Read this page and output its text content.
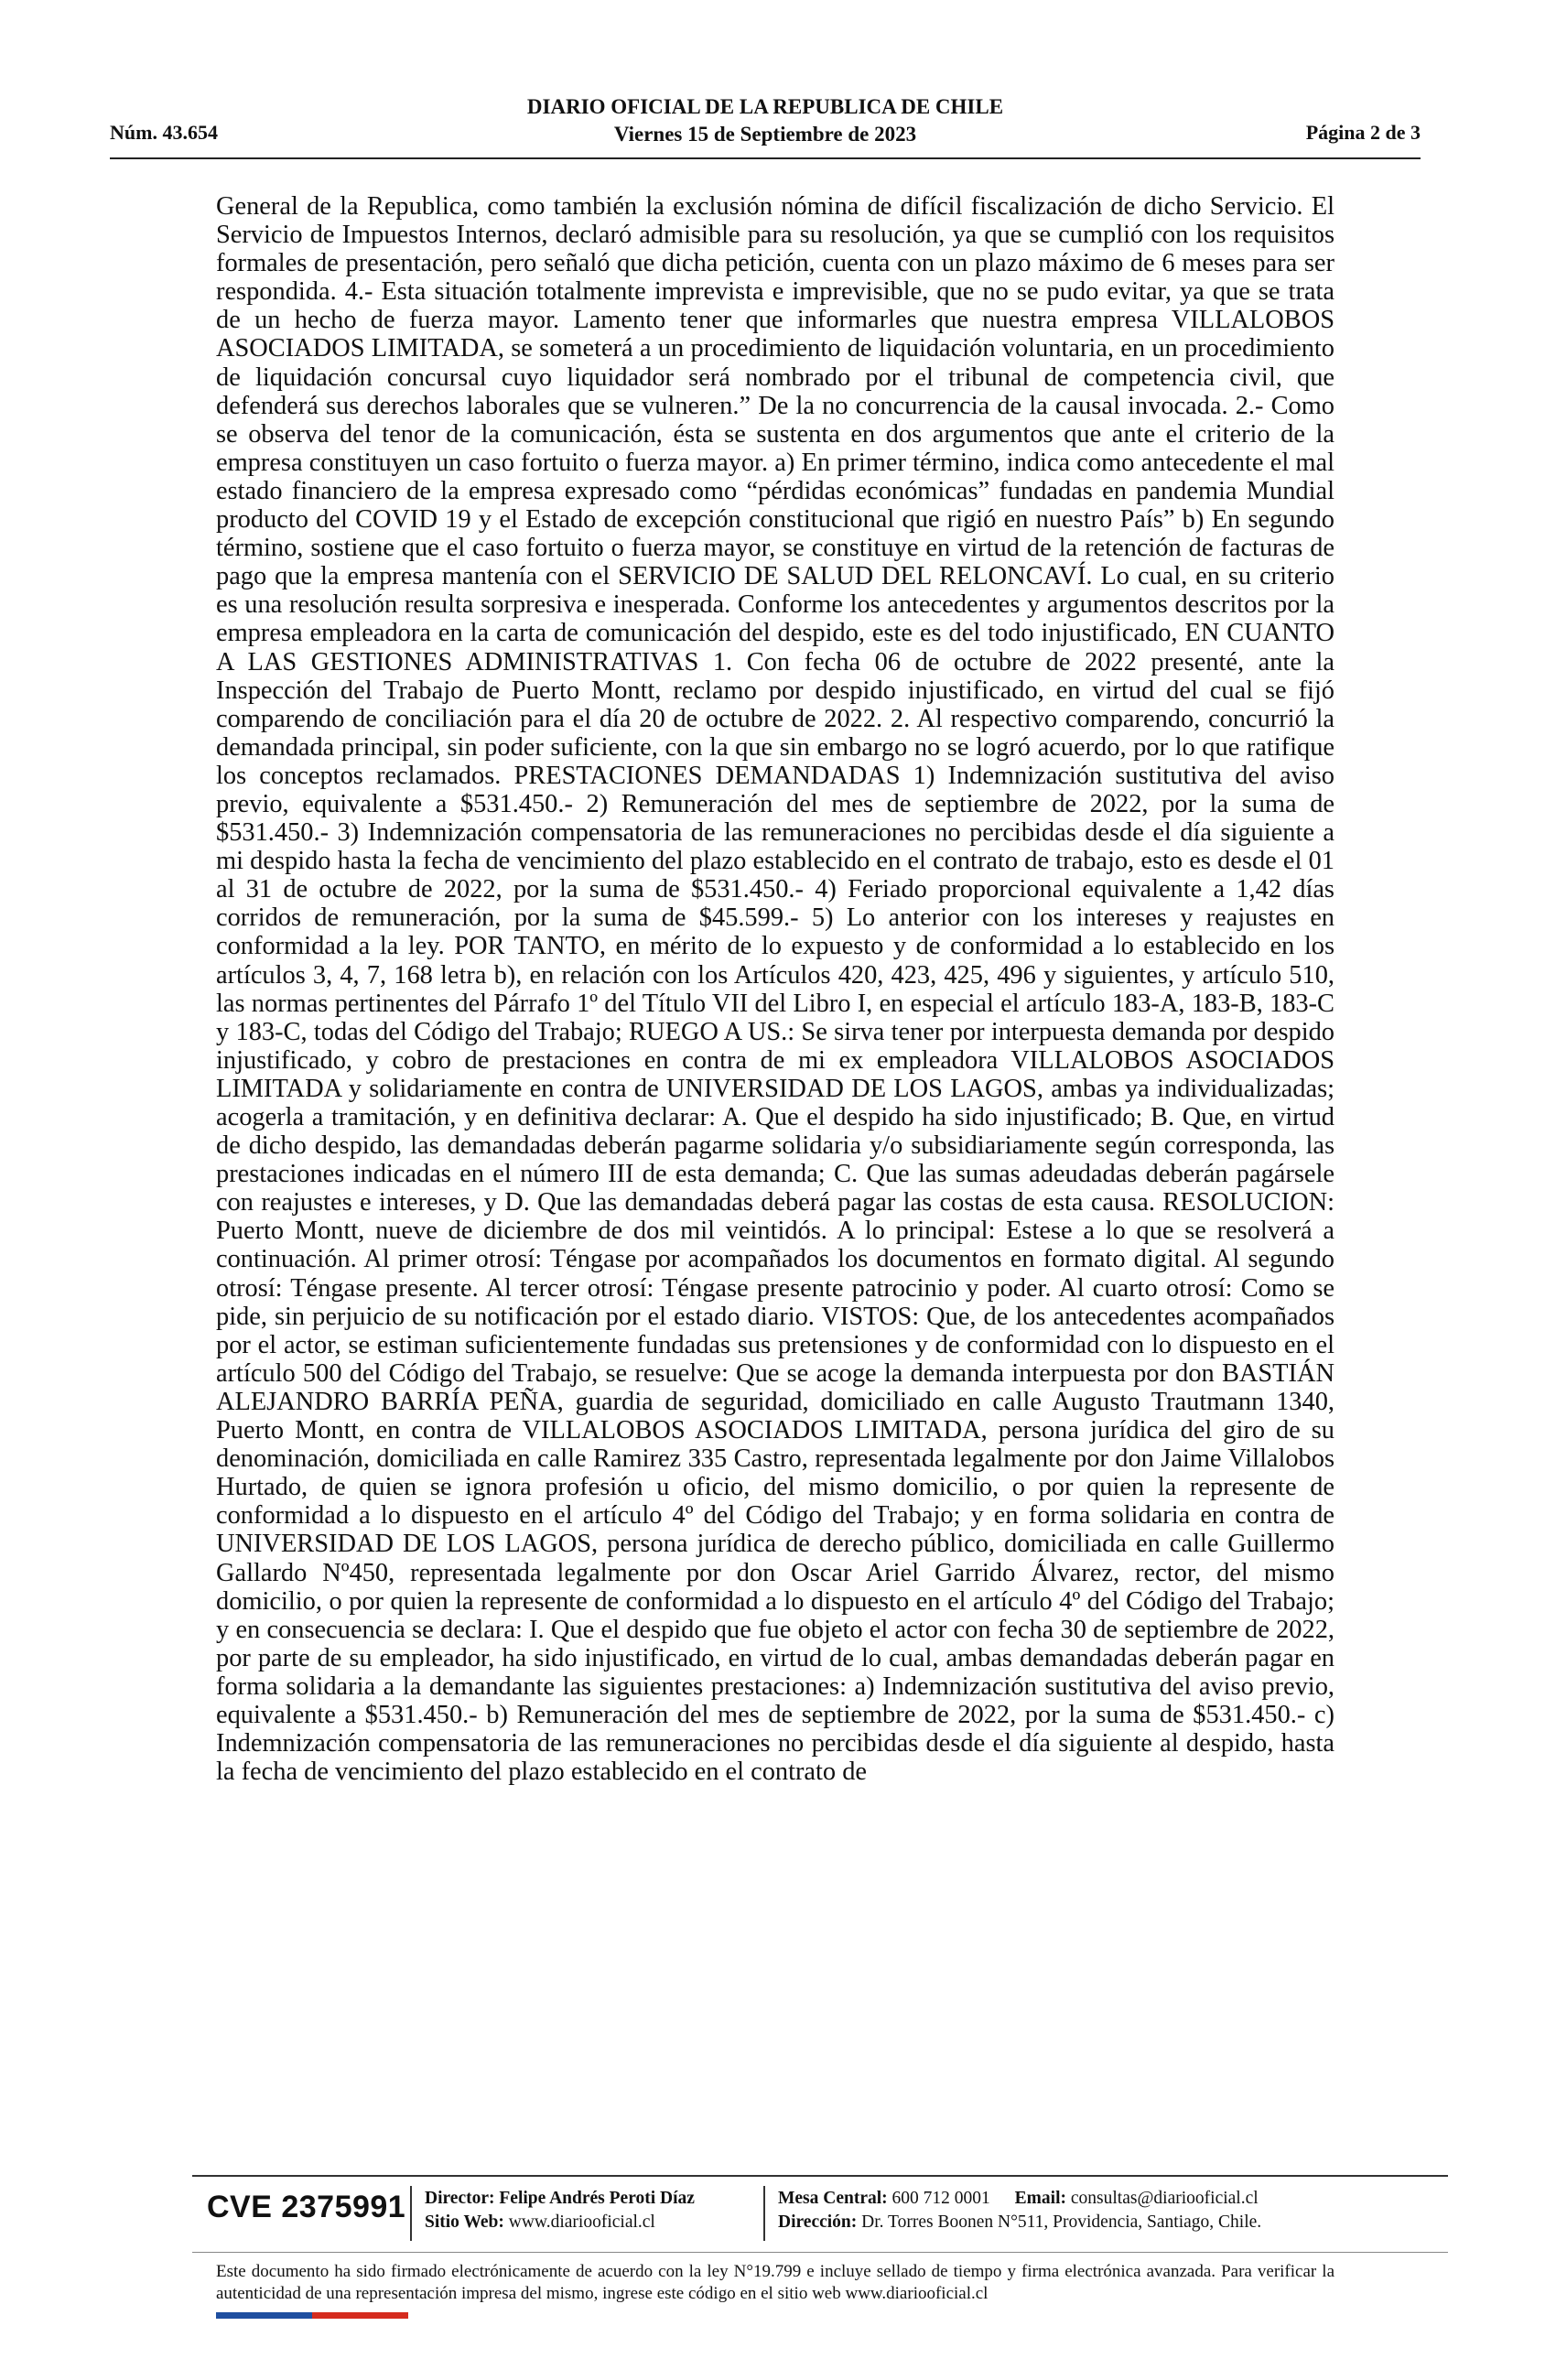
Núm. 43.654
DIARIO OFICIAL DE LA REPUBLICA DE CHILE
Viernes 15 de Septiembre de 2023	Página 2 de 3

General de la Republica, como también la exclusión nómina de difícil fiscalización de dicho Servicio. El Servicio de Impuestos Internos, declaró admisible para su resolución, ya que se cumplió con los requisitos formales de presentación, pero señaló que dicha petición, cuenta con un plazo máximo de 6 meses para ser respondida. 4.- Esta situación totalmente imprevista e imprevisible, que no se pudo evitar, ya que se trata de un hecho de fuerza mayor. Lamento tener que informarles que nuestra empresa VILLALOBOS ASOCIADOS LIMITADA, se someterá a un procedimiento de liquidación voluntaria, en un procedimiento de liquidación concursal cuyo liquidador será nombrado por el tribunal de competencia civil, que defenderá sus derechos laborales que se vulneren.” De la no concurrencia de la causal invocada. 2.- Como se observa del tenor de la comunicación, ésta se sustenta en dos argumentos que ante el criterio de la empresa constituyen un caso fortuito o fuerza mayor. a) En primer término, indica como antecedente el mal estado financiero de la empresa expresado como “pérdidas económicas” fundadas en pandemia Mundial producto del COVID 19 y el Estado de excepción constitucional que rigió en nuestro País” b) En segundo término, sostiene que el caso fortuito o fuerza mayor, se constituye en virtud de la retención de facturas de pago que la empresa mantenía con el SERVICIO DE SALUD DEL RELONCAVÍ. Lo cual, en su criterio es una resolución resulta sorpresiva e inesperada. Conforme los antecedentes y argumentos descritos por la empresa empleadora en la carta de comunicación del despido, este es del todo injustificado, EN CUANTO A LAS GESTIONES ADMINISTRATIVAS 1. Con fecha 06 de octubre de 2022 presenté, ante la Inspección del Trabajo de Puerto Montt, reclamo por despido injustificado, en virtud del cual se fijó comparendo de conciliación para el día 20 de octubre de 2022. 2. Al respectivo comparendo, concurrió la demandada principal, sin poder suficiente, con la que sin embargo no se logró acuerdo, por lo que ratifique los conceptos reclamados. PRESTACIONES DEMANDADAS 1) Indemnización sustitutiva del aviso previo, equivalente a $531.450.- 2) Remuneración del mes de septiembre de 2022, por la suma de $531.450.- 3) Indemnización compensatoria de las remuneraciones no percibidas desde el día siguiente a mi despido hasta la fecha de vencimiento del plazo establecido en el contrato de trabajo, esto es desde el 01 al 31 de octubre de 2022, por la suma de $531.450.- 4) Feriado proporcional equivalente a 1,42 días corridos de remuneración, por la suma de $45.599.- 5) Lo anterior con los intereses y reajustes en conformidad a la ley. POR TANTO, en mérito de lo expuesto y de conformidad a lo establecido en los artículos 3, 4, 7, 168 letra b), en relación con los Artículos 420, 423, 425, 496 y siguientes, y artículo 510, las normas pertinentes del Párrafo 1º del Título VII del Libro I, en especial el artículo 183-A, 183-B, 183-C y 183-C, todas del Código del Trabajo; RUEGO A US.: Se sirva tener por interpuesta demanda por despido injustificado, y cobro de prestaciones en contra de mi ex empleadora VILLALOBOS ASOCIADOS LIMITADA y solidariamente en contra de UNIVERSIDAD DE LOS LAGOS, ambas ya individualizadas; acogerla a tramitación, y en definitiva declarar: A. Que el despido ha sido injustificado; B. Que, en virtud de dicho despido, las demandadas deberán pagarme solidaria y/o subsidiariamente según corresponda, las prestaciones indicadas en el número III de esta demanda; C. Que las sumas adeudadas deberán pagársele con reajustes e intereses, y D. Que las demandadas deberá pagar las costas de esta causa. RESOLUCION: Puerto Montt, nueve de diciembre de dos mil veintidós. A lo principal: Estese a lo que se resolverá a continuación. Al primer otrosí: Téngase por acompañados los documentos en formato digital. Al segundo otrosí: Téngase presente. Al tercer otrosí: Téngase presente patrocinio y poder. Al cuarto otrosí: Como se pide, sin perjuicio de su notificación por el estado diario. VISTOS: Que, de los antecedentes acompañados por el actor, se estiman suficientemente fundadas sus pretensiones y de conformidad con lo dispuesto en el artículo 500 del Código del Trabajo, se resuelve: Que se acoge la demanda interpuesta por don BASTIÁN ALEJANDRO BARRÍA PEÑA, guardia de seguridad, domiciliado en calle Augusto Trautmann 1340, Puerto Montt, en contra de VILLALOBOS ASOCIADOS LIMITADA, persona jurídica del giro de su denominación, domiciliada en calle Ramirez 335 Castro, representada legalmente por don Jaime Villalobos Hurtado, de quien se ignora profesión u oficio, del mismo domicilio, o por quien la represente de conformidad a lo dispuesto en el artículo 4º del Código del Trabajo; y en forma solidaria en contra de UNIVERSIDAD DE LOS LAGOS, persona jurídica de derecho público, domiciliada en calle Guillermo Gallardo Nº450, representada legalmente por don Oscar Ariel Garrido Álvarez, rector, del mismo domicilio, o por quien la represente de conformidad a lo dispuesto en el artículo 4º del Código del Trabajo; y en consecuencia se declara: I. Que el despido que fue objeto el actor con fecha 30 de septiembre de 2022, por parte de su empleador, ha sido injustificado, en virtud de lo cual, ambas demandadas deberán pagar en forma solidaria a la demandante las siguientes prestaciones: a) Indemnización sustitutiva del aviso previo, equivalente a $531.450.- b) Remuneración del mes de septiembre de 2022, por la suma de $531.450.- c) Indemnización compensatoria de las remuneraciones no percibidas desde el día siguiente al despido, hasta la fecha de vencimiento del plazo establecido en el contrato de

CVE 2375991 Director: Felipe Andrés Peroti Díaz
Sitio Web: www.diariooficial.cl
Mesa Central: 600 712 0001 Email: consultas@diariooficial.cl
Dirección: Dr. Torres Boonen N°511, Providencia, Santiago, Chile.

Este documento ha sido firmado electrónicamente de acuerdo con la ley N°19.799 e incluye sellado de tiempo y firma electrónica avanzada. Para verificar la autenticidad de una representación impresa del mismo, ingrese este código en el sitio web www.diariooficial.cl
